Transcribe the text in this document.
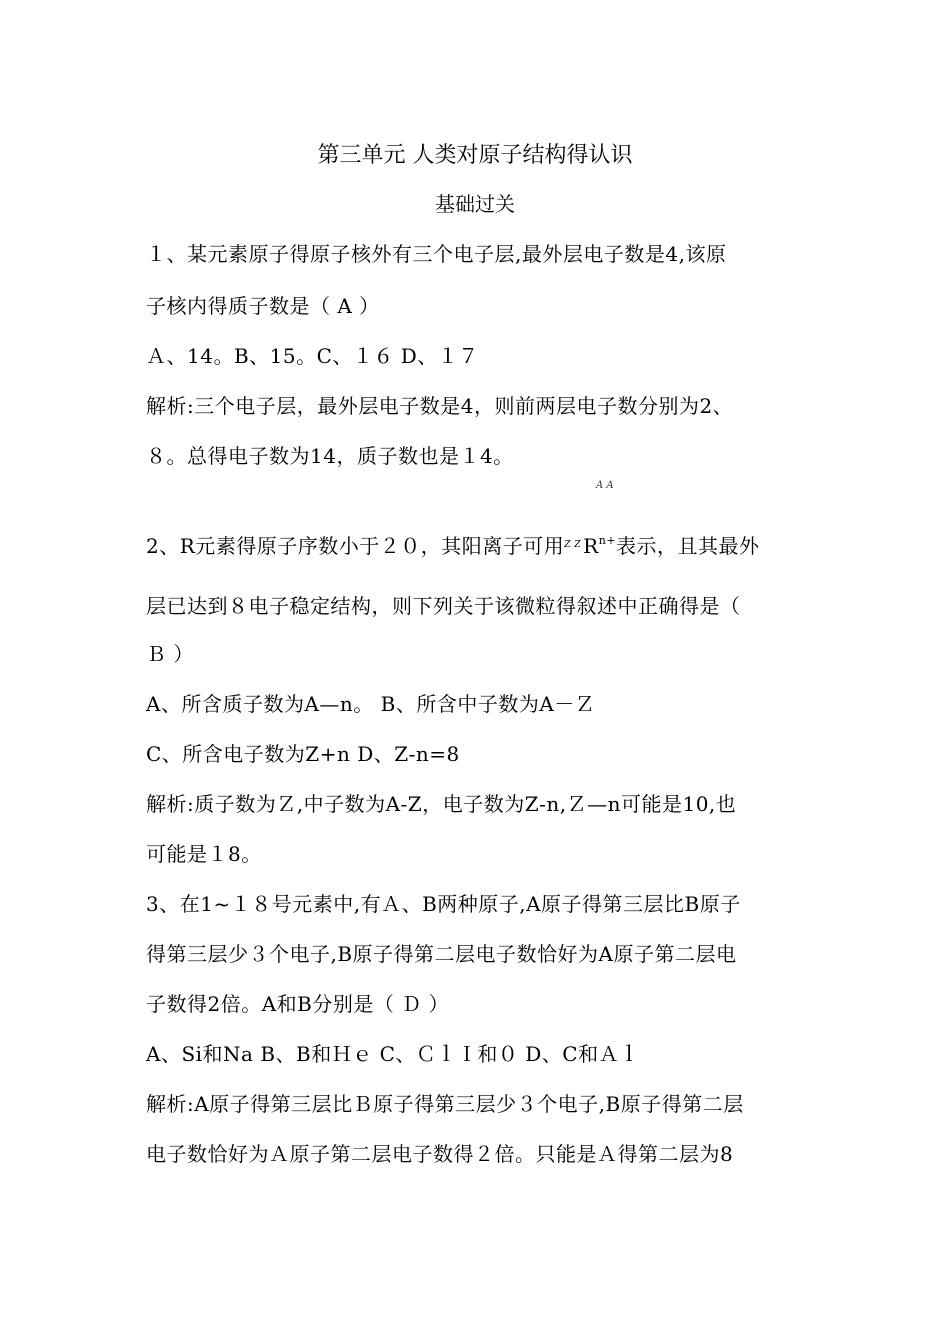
第三单元 人类对原子结构得认识
基础过关
１、某元素原子得原子核外有三个电子层,最外层电子数是4,该原
子核内得质子数是（ A ）
Ａ、14。B、15。C、１６ D、１７
解析:三个电子层，最外层电子数是4，则前两层电子数分别为2、
８。总得电子数为14，质子数也是１4。
A A
2、R元素得原子序数小于２０，其阳离子可用$^{Z Z}$ $R^{n+}$表示，且其最外
层已达到８电子稳定结构，则下列关于该微粒得叙述中正确得是（
Ｂ ）
A、所含质子数为A—n。 B、所含中子数为A－Ｚ
C、所含电子数为Z+n D、Z-n=8
解析:质子数为Ｚ,中子数为A-Z，电子数为Z-n,Ｚ—n可能是10,也
可能是１8。
3、在1~１８号元素中,有Ａ、B两种原子,A原子得第三层比B原子
得第三层少３个电子,B原子得第二层电子数恰好为A原子第二层电
子数得2倍。A和B分别是（ Ｄ ）
A、Si和Na B、B和Ｈｅ C、ＣｌＩ和０ D、C和Ａｌ
解析:A原子得第三层比Ｂ原子得第三层少３个电子,B原子得第二层
电子数恰好为Ａ原子第二层电子数得２倍。只能是Ａ得第二层为8
